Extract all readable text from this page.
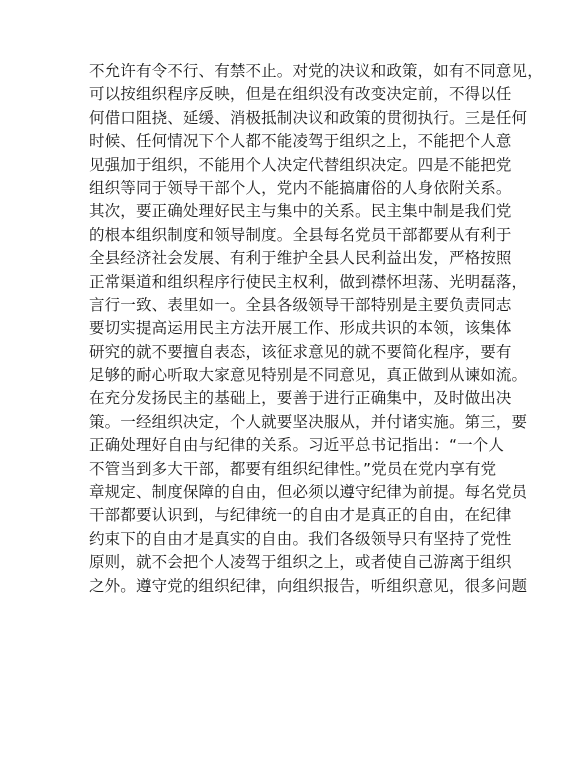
不允许有令不行、有禁不止。对党的决议和政策，如有不同意见，
可以按组织程序反映，但是在组织没有改变决定前，不得以任
何借口阻挠、延缓、消极抵制决议和政策的贯彻执行。三是任何
时候、任何情况下个人都不能凌驾于组织之上，不能把个人意
见强加于组织，不能用个人决定代替组织决定。四是不能把党
组织等同于领导干部个人，党内不能搞庸俗的人身依附关系。
其次，要正确处理好民主与集中的关系。民主集中制是我们党
的根本组织制度和领导制度。全县每名党员干部都要从有利于
全县经济社会发展、有利于维护全县人民利益出发，严格按照
正常渠道和组织程序行使民主权利，做到襟怀坦荡、光明磊落，
言行一致、表里如一。全县各级领导干部特别是主要负责同志
要切实提高运用民主方法开展工作、形成共识的本领，该集体
研究的就不要擅自表态，该征求意见的就不要简化程序，要有
足够的耐心听取大家意见特别是不同意见，真正做到从谏如流。
在充分发扬民主的基础上，要善于进行正确集中，及时做出决
策。一经组织决定，个人就要坚决服从，并付诸实施。第三，要
正确处理好自由与纪律的关系。习近平总书记指出：“一个人
不管当到多大干部，都要有组织纪律性。”党员在党内享有党
章规定、制度保障的自由，但必须以遵守纪律为前提。每名党员
干部都要认识到，与纪律统一的自由才是真正的自由，在纪律
约束下的自由才是真实的自由。我们各级领导只有坚持了党性
原则，就不会把个人凌驾于组织之上，或者使自己游离于组织
之外。遵守党的组织纪律，向组织报告，听组织意见，很多问题
